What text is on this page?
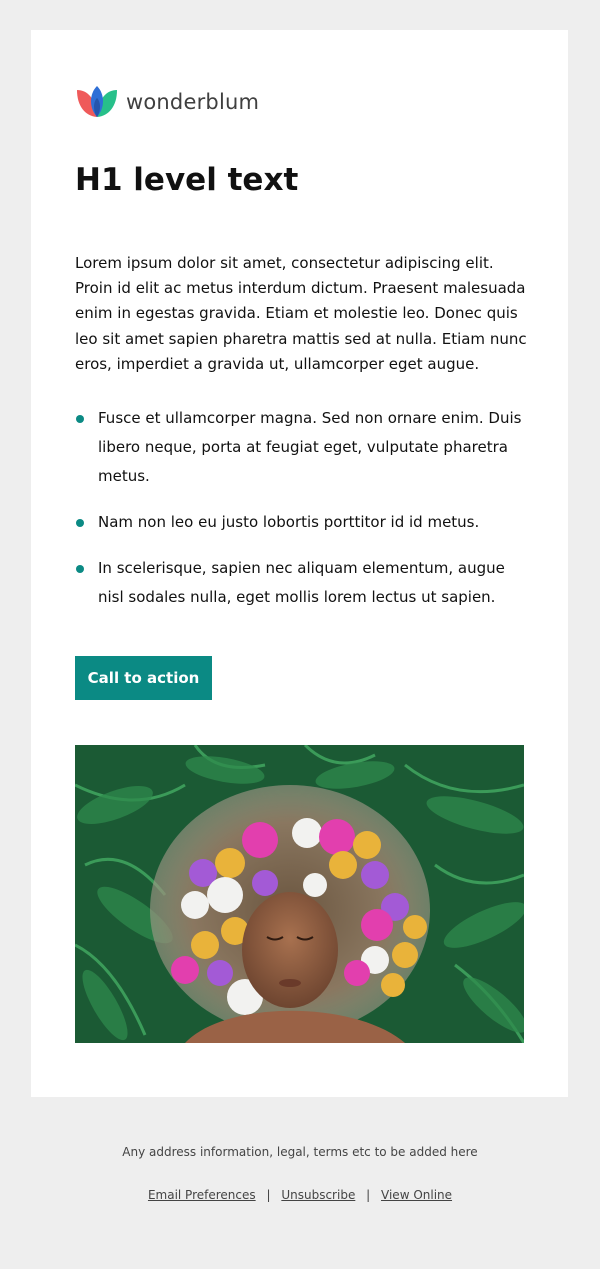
wonderblum
H1 level text

Lorem ipsum dolor sit amet, consectetur adipiscing elit. Proin id elit ac metus interdum dictum. Praesent malesuada enim in egestas gravida. Etiam et molestie leo. Donec quis leo sit amet sapien pharetra mattis sed at nulla. Etiam nunc eros, imperdiet a gravida ut, ullamcorper eget augue.

Fusce et ullamcorper magna. Sed non ornare enim. Duis libero neque, porta at feugiat eget, vulputate pharetra metus.
Nam non leo eu justo lobortis porttitor id id metus.
In scelerisque, sapien nec aliquam elementum, augue nisl sodales nulla, eget mollis lorem lectus ut sapien.
Call to action
Any address information, legal, terms etc to be added here
Email Preferences | Unsubscribe | View Online
